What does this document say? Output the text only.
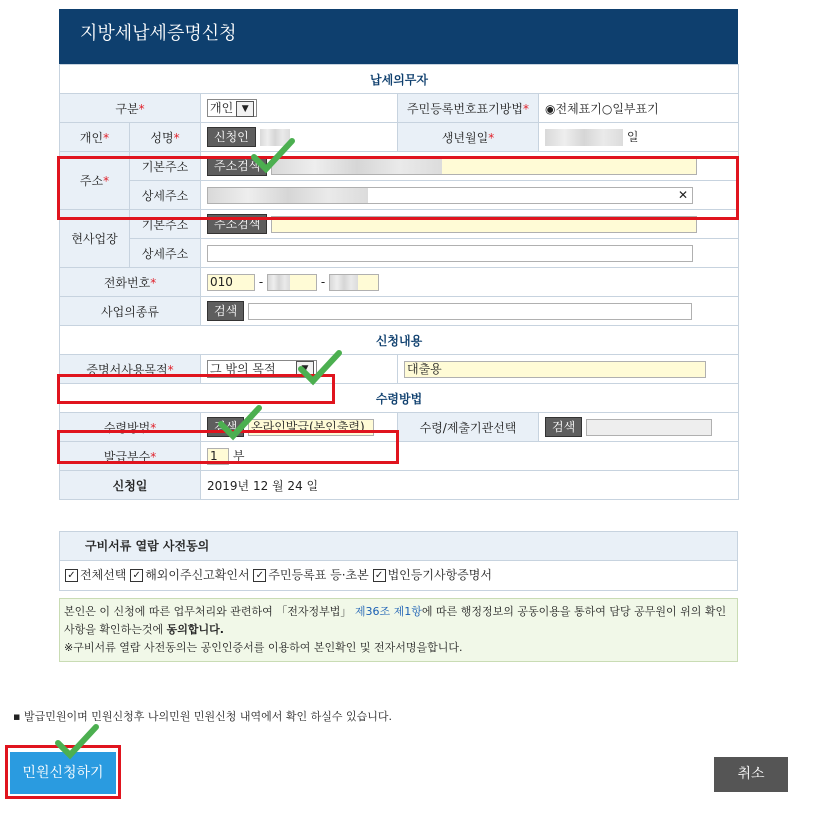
지방세납세증명신청
납세의무자				
구분*		개인 ▼	주민등록번호표기방법*	◉전체표기○일부표기
개인*	성명*	신청인	생년월일*	일
주소*	기본주소	주소검색		
	상세주소	✕		

현사업장	기본주소	주소검색		
	상세주소			
전화번호*		010 - -		
사업의종류		검색		
신청내용				
증명서사용목적*		그 밖의 목적 ▼	대출용	
수령방법				
수령방법*		검색 온라인발급(본인출력)	수령/제출기관선택	검색
발급부수*		1 부		
신청일		2019년 12 월 24 일		
구비서류 열람 사전동의
✓ 전체선택 ✓ 해외이주신고확인서 ✓ 주민등록표 등·초본 ✓ 법인등기사항증명서
본인은 이 신청에 따른 업무처리와 관련하여 「전자정부법」 제36조 제1항에 따른 행정정보의 공동이용을 통하여 담당 공무원이 위의 확인
사항을 확인하는것에 동의합니다.
※구비서류 열람 사전동의는 공인인증서를 이용하여 본인확인 및 전자서명을합니다.
▪ 발급민원이며 민원신청후 나의민원 민원신청 내역에서 확인 하실수 있습니다.
민원신청하기	취소
